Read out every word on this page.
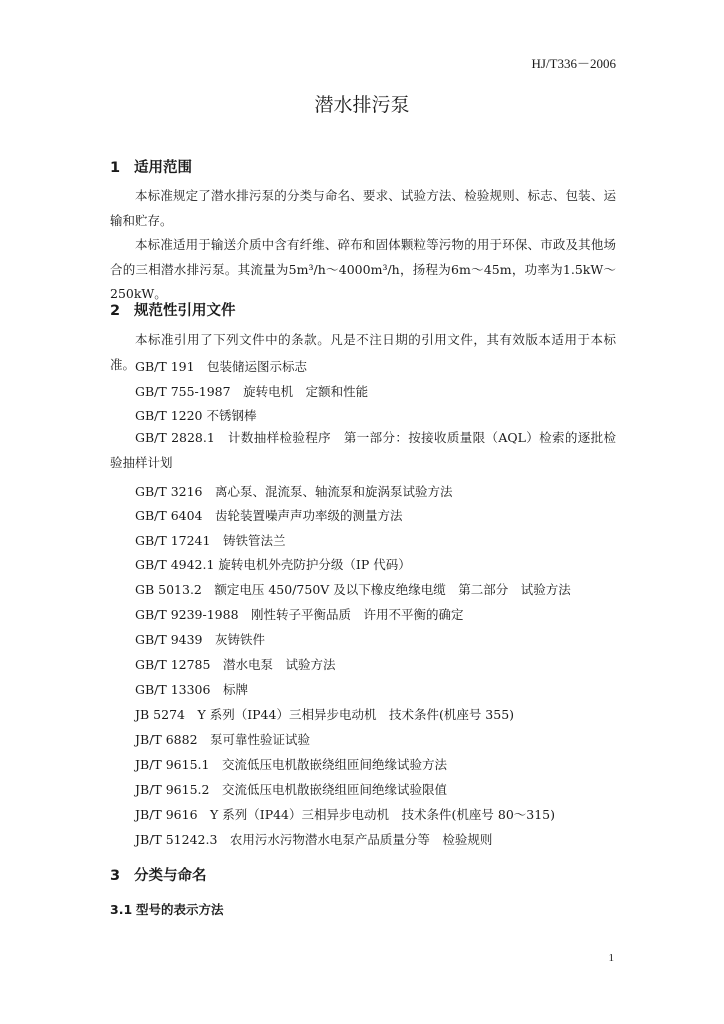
HJ/T336－2006
潜水排污泵
1 适用范围
本标准规定了潜水排污泵的分类与命名、要求、试验方法、检验规则、标志、包装、运输和贮存。
本标准适用于输送介质中含有纤维、碎布和固体颗粒等污物的用于环保、市政及其他场合的三相潜水排污泵。其流量为5m³/h～4000m³/h，扬程为6m～45m，功率为1.5kW～250kW。
2 规范性引用文件
本标准引用了下列文件中的条款。凡是不注日期的引用文件，其有效版本适用于本标准。 GB/T 191　包装储运图示标志
GB/T 755-1987　旋转电机　定额和性能
GB/T 1220 不锈钢棒
GB/T 2828.1　计数抽样检验程序　第一部分：按接收质量限（AQL）检索的逐批检验抽样计划
GB/T 3216　离心泵、混流泵、轴流泵和旋涡泵试验方法
GB/T 6404　齿轮装置噪声声功率级的测量方法
GB/T 17241　铸铁管法兰
GB/T 4942.1 旋转电机外壳防护分级（IP 代码）
GB 5013.2　额定电压 450/750V 及以下橡皮绝缘电缆　第二部分　试验方法
GB/T 9239-1988　刚性转子平衡品质　许用不平衡的确定
GB/T 9439　灰铸铁件
GB/T 12785　潜水电泵　试验方法
GB/T 13306　标牌
JB 5274　Y 系列（IP44）三相异步电动机　技术条件(机座号 355)
JB/T 6882　泵可靠性验证试验
JB/T 9615.1　交流低压电机散嵌绕组匝间绝缘试验方法
JB/T 9615.2　交流低压电机散嵌绕组匝间绝缘试验限值
JB/T 9616　Y 系列（IP44）三相异步电动机　技术条件(机座号 80～315)
JB/T 51242.3　农用污水污物潜水电泵产品质量分等　检验规则
3 分类与命名
3.1 型号的表示方法
1
